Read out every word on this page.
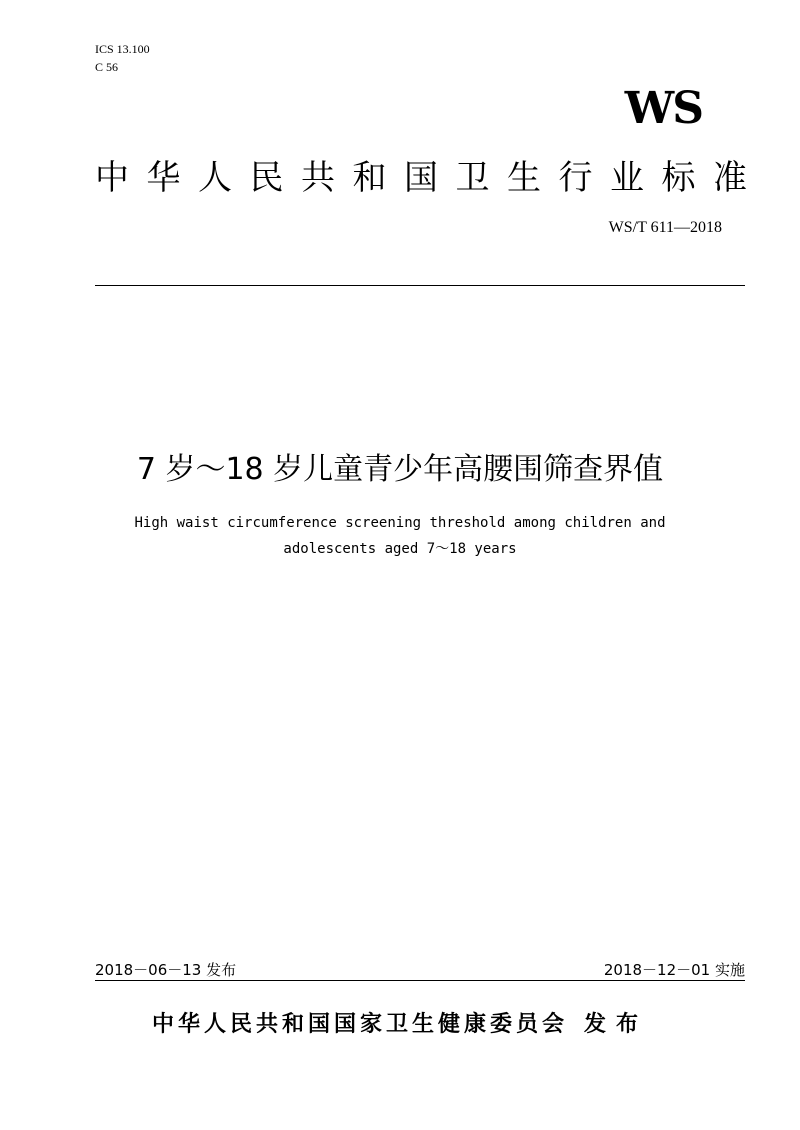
ICS 13.100
C 56
WS
中 华 人 民 共 和 国 卫 生 行 业 标 准
WS/T 611—2018
7 岁～18 岁儿童青少年高腰围筛查界值
High waist circumference screening threshold among children and
adolescents aged 7～18 years
2018－06－13 发布	2018－12－01 实施
中华人民共和国国家卫生健康委员会 发布
